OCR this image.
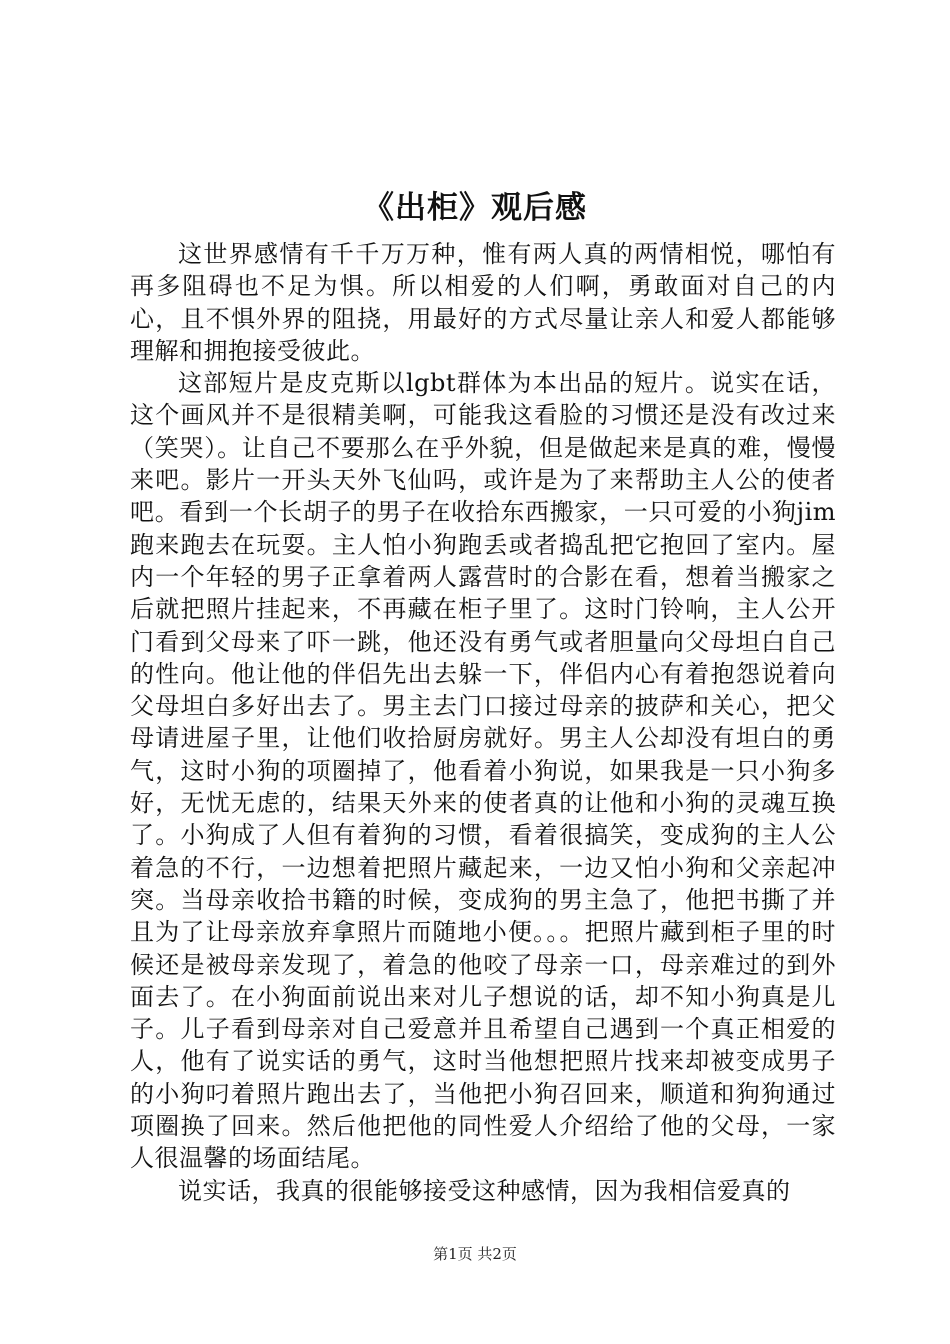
《出柜》观后感

这世界感情有千千万万种，惟有两人真的两情相悦，哪怕有再多阻碍也不足为惧。所以相爱的人们啊，勇敢面对自己的内心，且不惧外界的阻挠，用最好的方式尽量让亲人和爱人都能够理解和拥抱接受彼此。

这部短片是皮克斯以lgbt群体为本出品的短片。说实在话，这个画风并不是很精美啊，可能我这看脸的习惯还是没有改过来（笑哭）。让自己不要那么在乎外貌，但是做起来是真的难，慢慢来吧。影片一开头天外飞仙吗，或许是为了来帮助主人公的使者吧。看到一个长胡子的男子在收拾东西搬家，一只可爱的小狗jim跑来跑去在玩耍。主人怕小狗跑丢或者捣乱把它抱回了室内。屋内一个年轻的男子正拿着两人露营时的合影在看，想着当搬家之后就把照片挂起来，不再藏在柜子里了。这时门铃响，主人公开门看到父母来了吓一跳，他还没有勇气或者胆量向父母坦白自己的性向。他让他的伴侣先出去躲一下，伴侣内心有着抱怨说着向父母坦白多好出去了。男主去门口接过母亲的披萨和关心，把父母请进屋子里，让他们收拾厨房就好。男主人公却没有坦白的勇气，这时小狗的项圈掉了，他看着小狗说，如果我是一只小狗多好，无忧无虑的，结果天外来的使者真的让他和小狗的灵魂互换了。小狗成了人但有着狗的习惯，看着很搞笑，变成狗的主人公着急的不行，一边想着把照片藏起来，一边又怕小狗和父亲起冲突。当母亲收拾书籍的时候，变成狗的男主急了，他把书撕了并且为了让母亲放弃拿照片而随地小便。。。把照片藏到柜子里的时候还是被母亲发现了，着急的他咬了母亲一口，母亲难过的到外面去了。在小狗面前说出来对儿子想说的话，却不知小狗真是儿子。儿子看到母亲对自己爱意并且希望自己遇到一个真正相爱的人，他有了说实话的勇气，这时当他想把照片找来却被变成男子的小狗叼着照片跑出去了，当他把小狗召回来，顺道和狗狗通过项圈换了回来。然后他把他的同性爱人介绍给了他的父母，一家人很温馨的场面结尾。

说实话，我真的很能够接受这种感情，因为我相信爱真的

第1页 共2页
